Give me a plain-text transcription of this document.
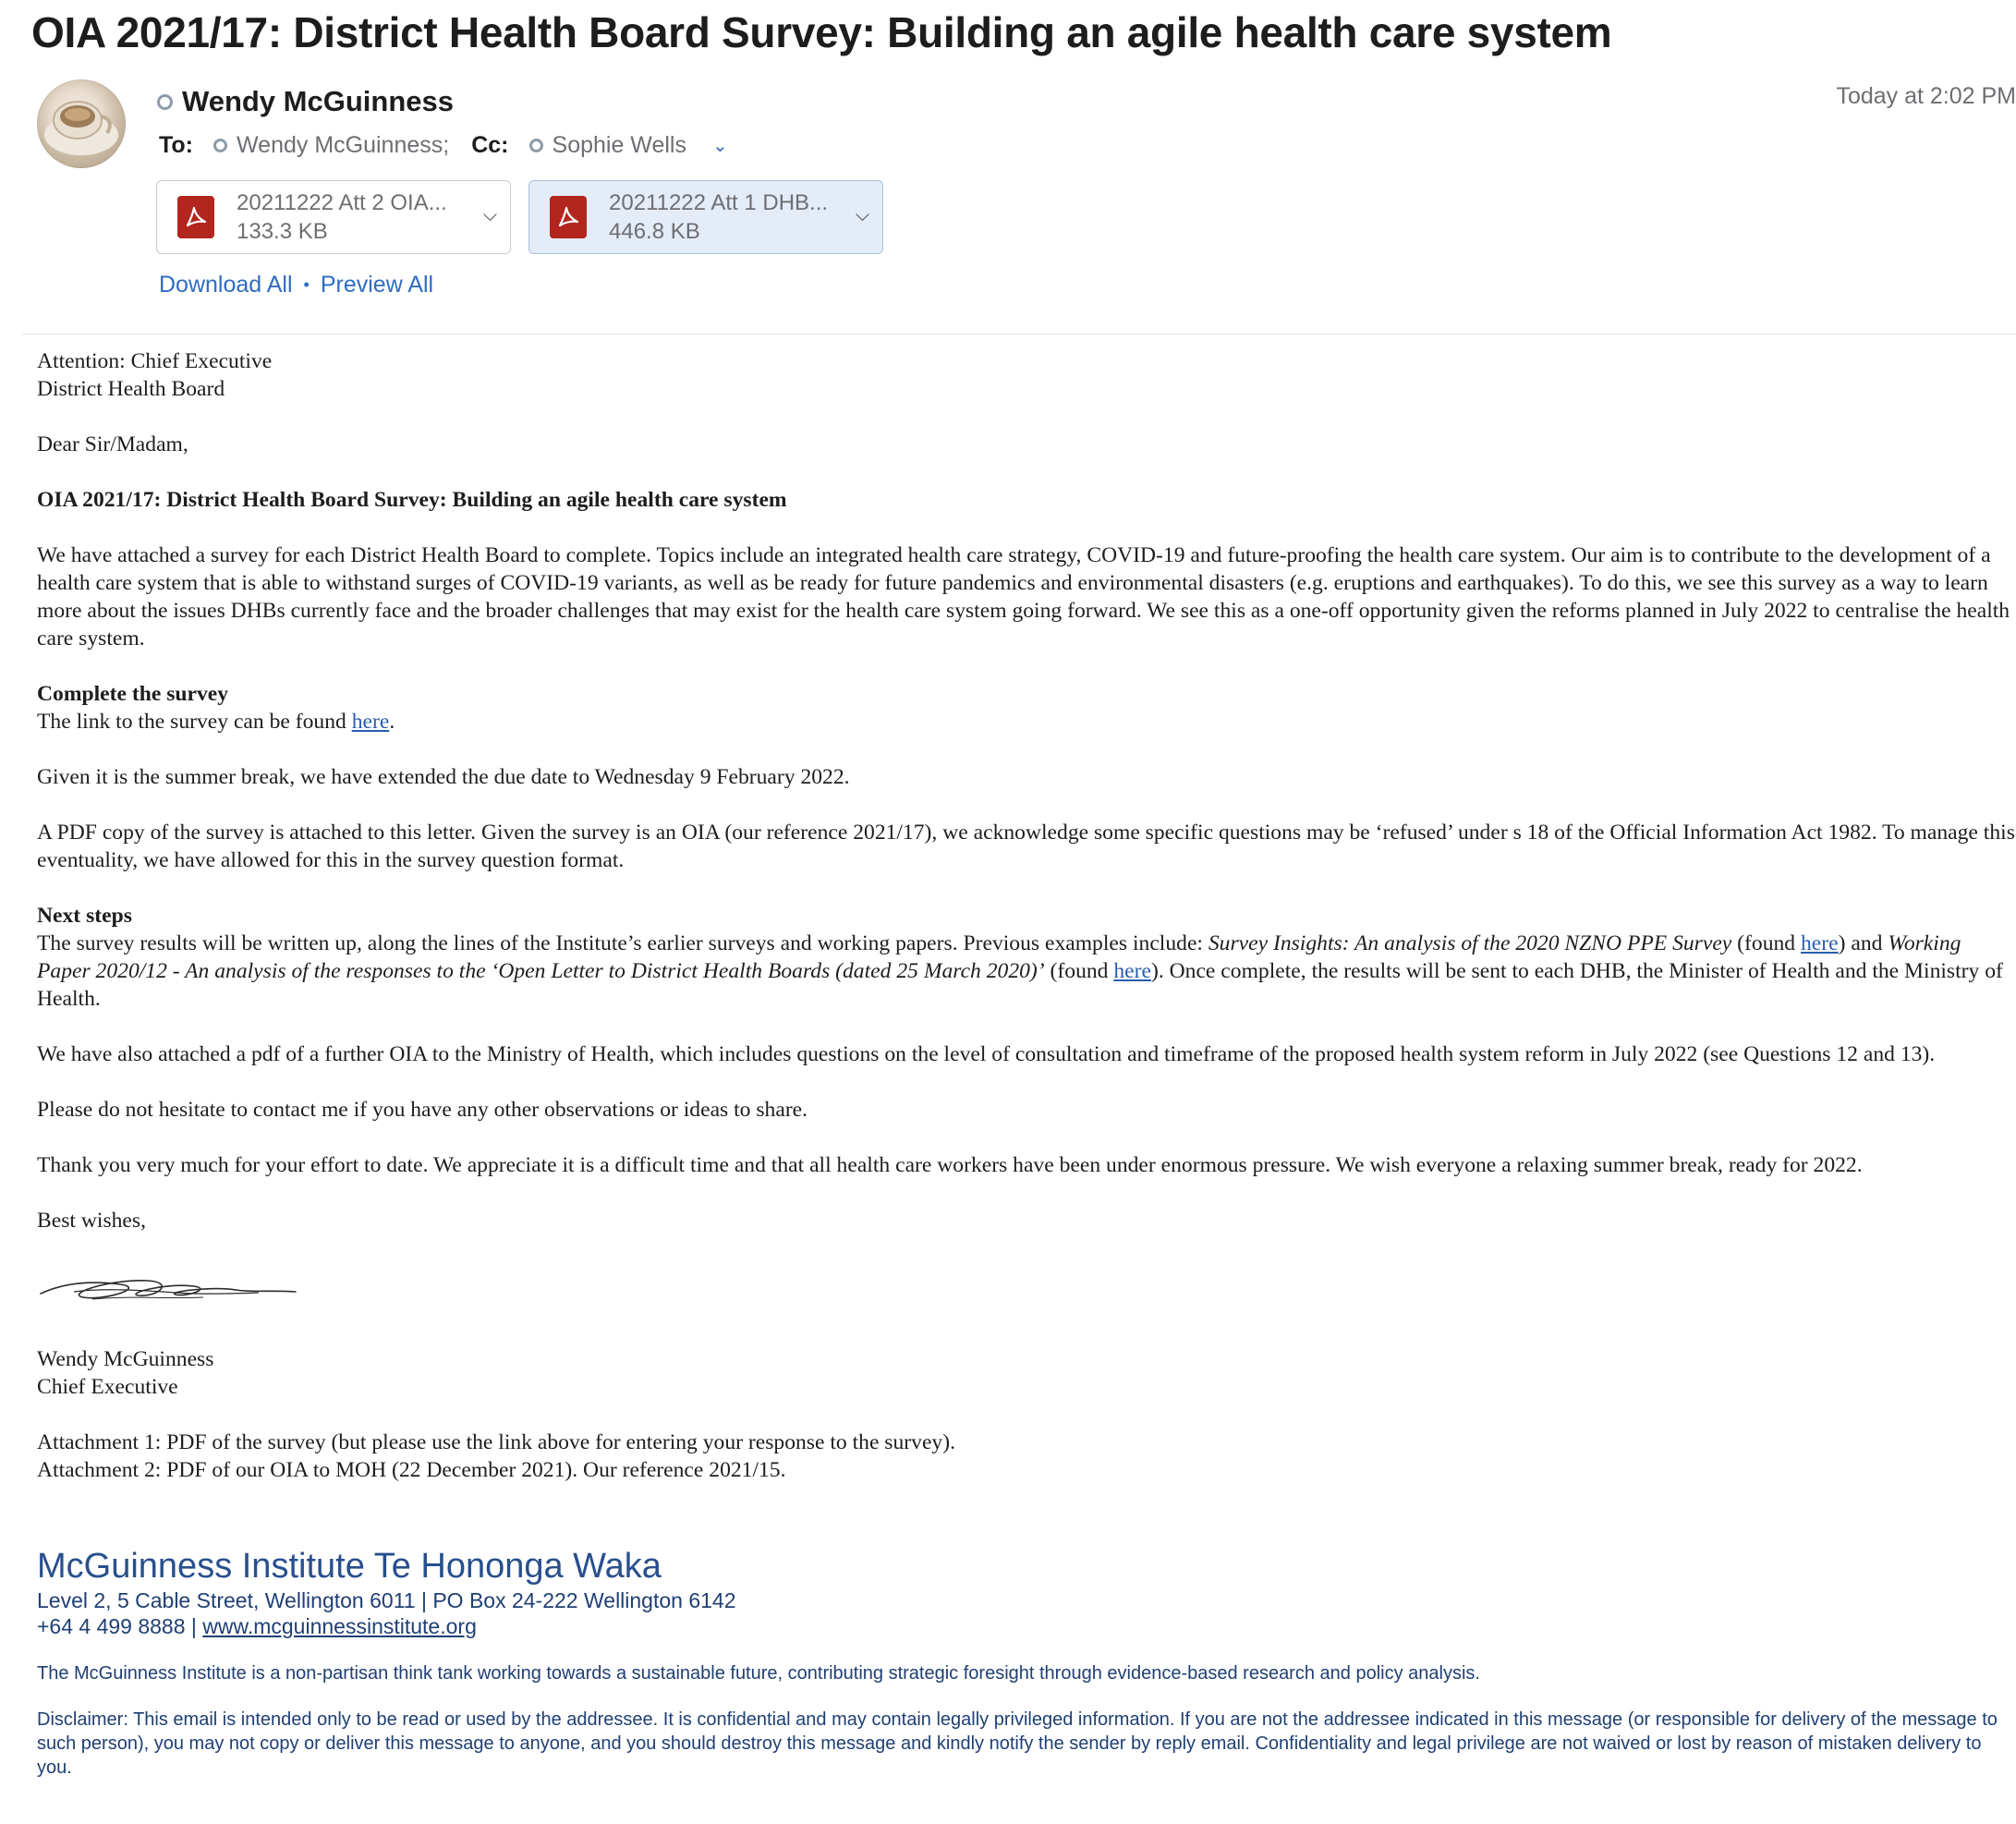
OIA 2021/17: District Health Board Survey: Building an agile health care system
Wendy McGuinness	Today at 2:02 PM
To: Wendy McGuinness; Cc: Sophie Wells ⌄︎
20211222 Att 2 OIA...
133.3 KB
⌵	20211222 Att 1 DHB...
446.8 KB
⌵
Download All • Preview All

Attention: Chief Executive

District Health Board

Dear Sir/Madam,

OIA 2021/17: District Health Board Survey: Building an agile health care system

We have attached a survey for each District Health Board to complete. Topics include an integrated health care strategy, COVID-19 and future-proofing the health care system. Our aim is to contribute to the development of a health care system that is able to withstand surges of COVID-19 variants, as well as be ready for future pandemics and environmental disasters (e.g. eruptions and earthquakes). To do this, we see this survey as a way to learn more about the issues DHBs currently face and the broader challenges that may exist for the health care system going forward. We see this as a one-off opportunity given the reforms planned in July 2022 to centralise the health care system.

Complete the survey

The link to the survey can be found here.

Given it is the summer break, we have extended the due date to Wednesday 9 February 2022.

A PDF copy of the survey is attached to this letter. Given the survey is an OIA (our reference 2021/17), we acknowledge some specific questions may be ‘refused’ under s 18 of the Official Information Act 1982. To manage this eventuality, we have allowed for this in the survey question format.

Next steps

The survey results will be written up, along the lines of the Institute’s earlier surveys and working papers. Previous examples include: Survey Insights: An analysis of the 2020 NZNO PPE Survey (found here) and Working Paper 2020/12 - An analysis of the responses to the ‘Open Letter to District Health Boards (dated 25 March 2020)’ (found here). Once complete, the results will be sent to each DHB, the Minister of Health and the Ministry of Health.

We have also attached a pdf of a further OIA to the Ministry of Health, which includes questions on the level of consultation and timeframe of the proposed health system reform in July 2022 (see Questions 12 and 13).

Please do not hesitate to contact me if you have any other observations or ideas to share.

Thank you very much for your effort to date. We appreciate it is a difficult time and that all health care workers have been under enormous pressure. We wish everyone a relaxing summer break, ready for 2022.

Best wishes,

Wendy McGuinness

Chief Executive

Attachment 1: PDF of the survey (but please use the link above for entering your response to the survey).

Attachment 2: PDF of our OIA to MOH (22 December 2021). Our reference 2021/15.

McGuinness Institute Te Hononga Waka
Level 2, 5 Cable Street, Wellington 6011 | PO Box 24-222 Wellington 6142
+64 4 499 8888 | www.mcguinnessinstitute.org
The McGuinness Institute is a non-partisan think tank working towards a sustainable future, contributing strategic foresight through evidence-based research and policy analysis.
Disclaimer: This email is intended only to be read or used by the addressee. It is confidential and may contain legally privileged information. If you are not the addressee indicated in this message (or responsible for delivery of the message to such person), you may not copy or deliver this message to anyone, and you should destroy this message and kindly notify the sender by reply email. Confidentiality and legal privilege are not waived or lost by reason of mistaken delivery to you.
